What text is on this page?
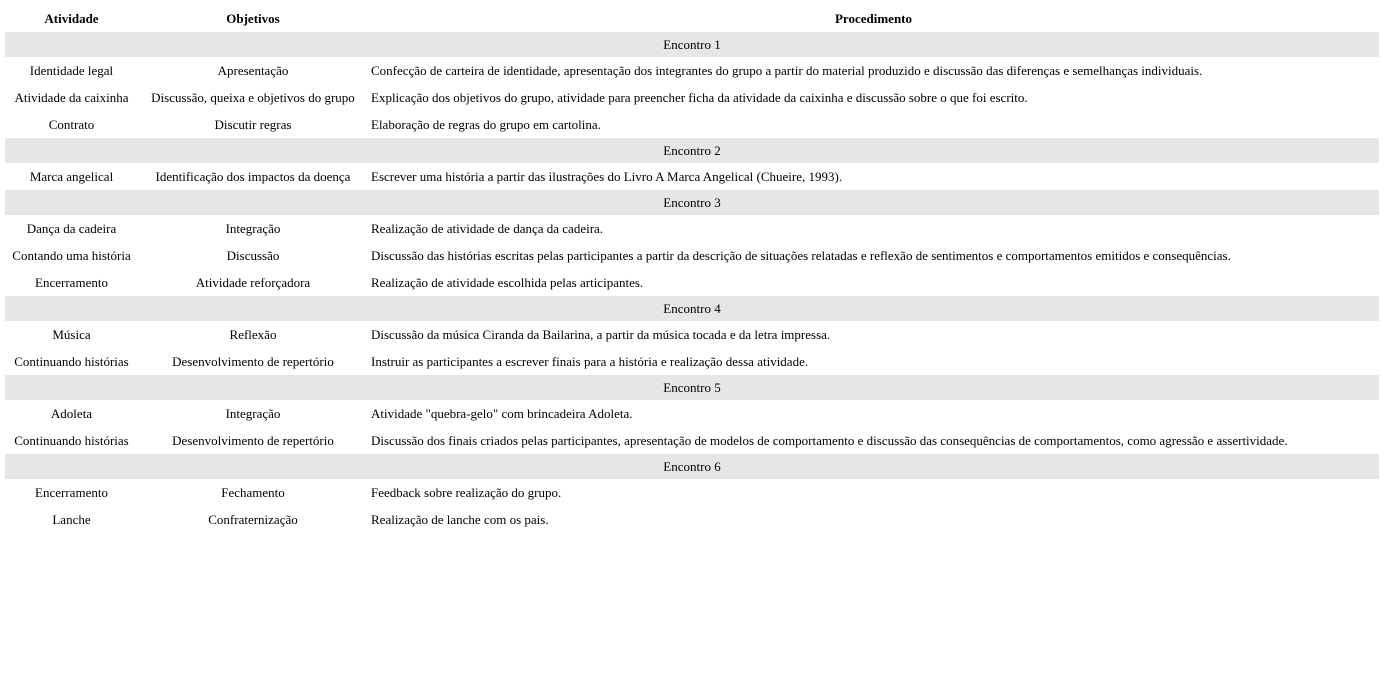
Atividade	Objetivos	Procedimento
Encontro 1		
Identidade legal	Apresentação	Confecção de carteira de identidade, apresentação dos integrantes do grupo a partir do material produzido e discussão das diferenças e semelhanças individuais.
Atividade da caixinha	Discussão, queixa e objetivos do grupo	Explicação dos objetivos do grupo, atividade para preencher ficha da atividade da caixinha e discussão sobre o que foi escrito.
Contrato	Discutir regras	Elaboração de regras do grupo em cartolina.
Encontro 2		
Marca angelical	Identificação dos impactos da doença	Escrever uma história a partir das ilustrações do Livro A Marca Angelical (Chueire, 1993).
Encontro 3		
Dança da cadeira	Integração	Realização de atividade de dança da cadeira.
Contando uma história	Discussão	Discussão das histórias escritas pelas participantes a partir da descrição de situações relatadas e reflexão de sentimentos e comportamentos emitidos e consequências.
Encerramento	Atividade reforçadora	Realização de atividade escolhida pelas articipantes.
Encontro 4		
Música	Reflexão	Discussão da música Ciranda da Bailarina, a partir da música tocada e da letra impressa.
Continuando histórias	Desenvolvimento de repertório	Instruir as participantes a escrever finais para a história e realização dessa atividade.
Encontro 5		
Adoleta	Integração	Atividade "quebra-gelo" com brincadeira Adoleta.
Continuando histórias	Desenvolvimento de repertório	Discussão dos finais criados pelas participantes, apresentação de modelos de comportamento e discussão das consequências de comportamentos, como agressão e assertividade.
Encontro 6		
Encerramento	Fechamento	Feedback sobre realização do grupo.
Lanche	Confraternização	Realização de lanche com os pais.
